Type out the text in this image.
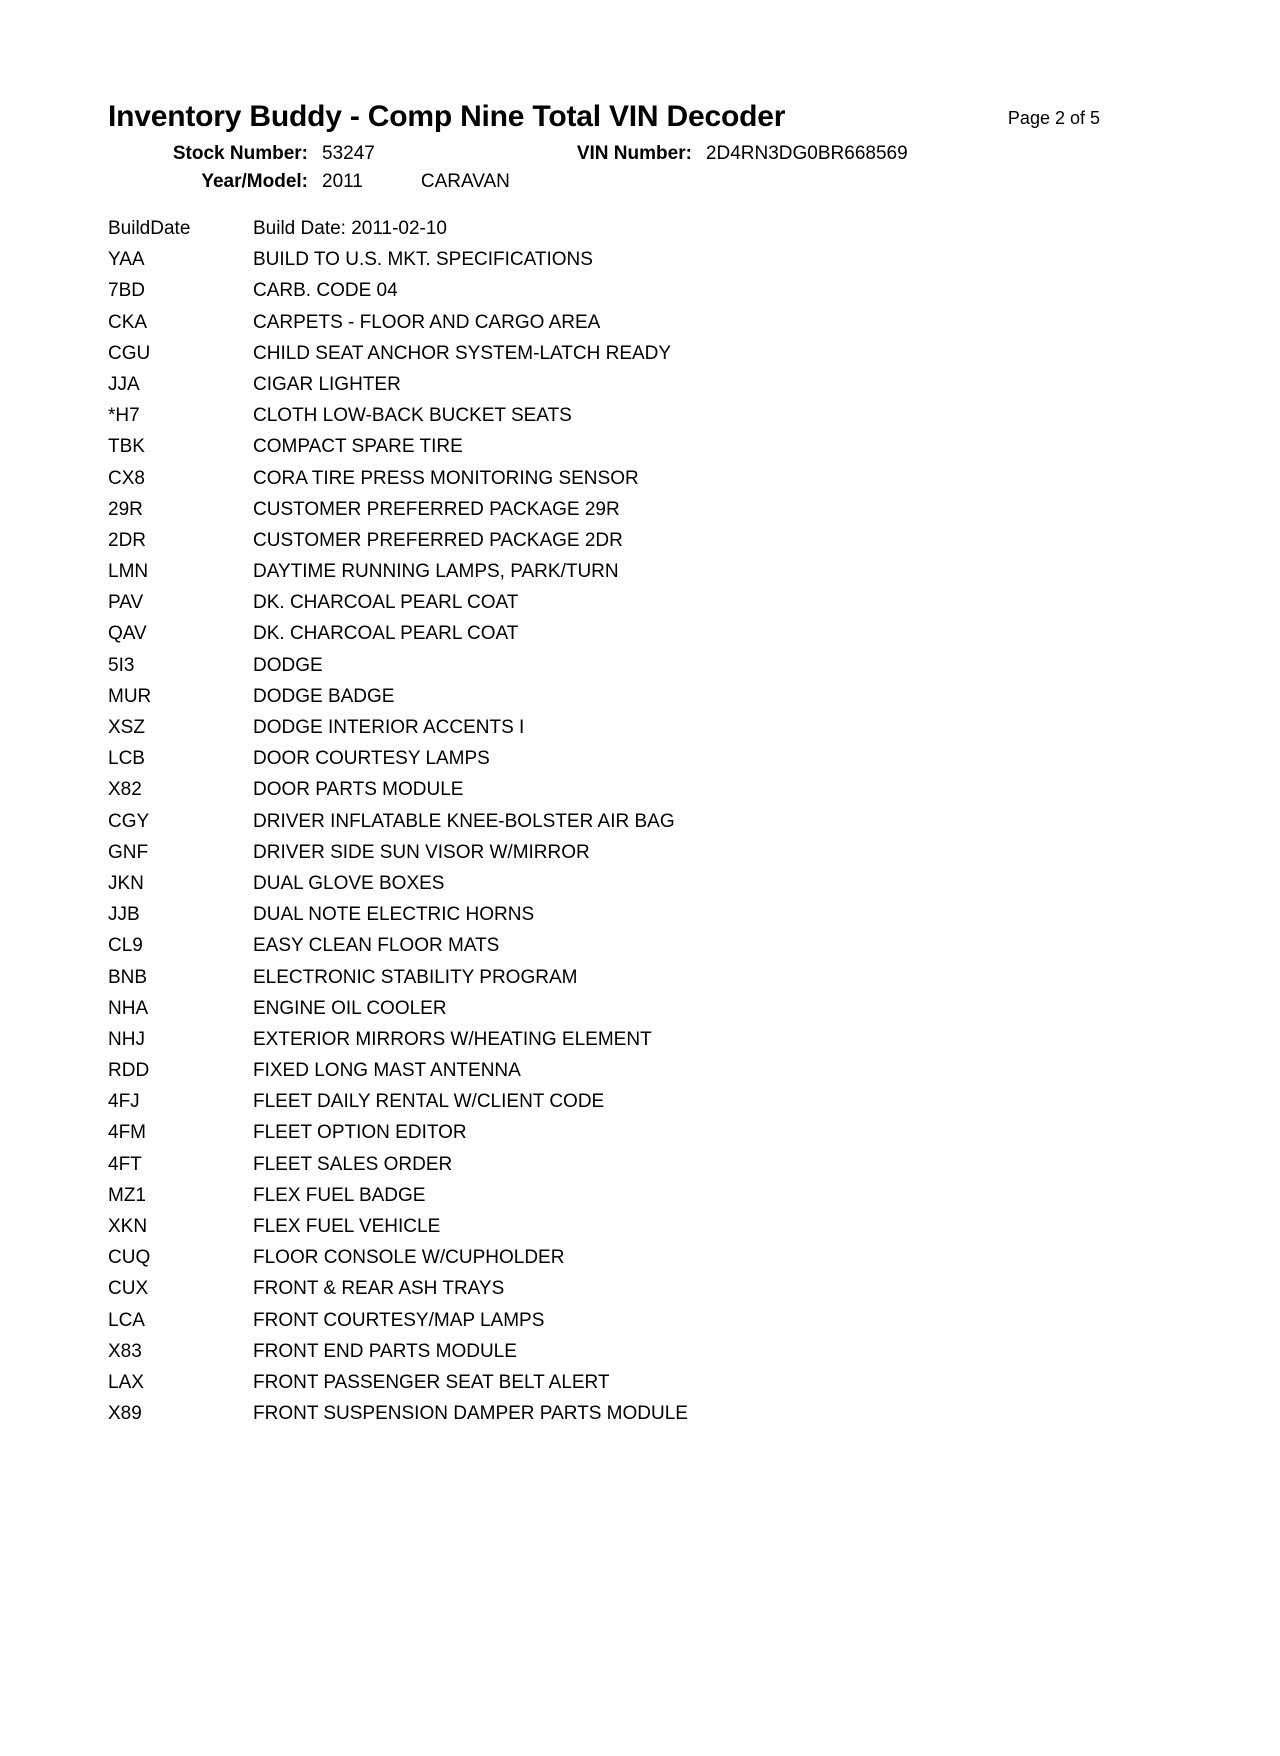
Inventory Buddy - Comp Nine Total VIN Decoder	Page 2 of 5
Stock Number: 53247	VIN Number: 2D4RN3DG0BR668569
Year/Model: 2011	CARAVAN
BuildDate	Build Date: 2011-02-10
YAA	BUILD TO U.S. MKT. SPECIFICATIONS
7BD	CARB. CODE 04
CKA	CARPETS - FLOOR AND CARGO AREA
CGU	CHILD SEAT ANCHOR SYSTEM-LATCH READY
JJA	CIGAR LIGHTER
*H7	CLOTH LOW-BACK BUCKET SEATS
TBK	COMPACT SPARE TIRE
CX8	CORA TIRE PRESS MONITORING SENSOR
29R	CUSTOMER PREFERRED PACKAGE 29R
2DR	CUSTOMER PREFERRED PACKAGE 2DR
LMN	DAYTIME RUNNING LAMPS, PARK/TURN
PAV	DK. CHARCOAL PEARL COAT
QAV	DK. CHARCOAL PEARL COAT
5I3	DODGE
MUR	DODGE BADGE
XSZ	DODGE INTERIOR ACCENTS I
LCB	DOOR COURTESY LAMPS
X82	DOOR PARTS MODULE
CGY	DRIVER INFLATABLE KNEE-BOLSTER AIR BAG
GNF	DRIVER SIDE SUN VISOR W/MIRROR
JKN	DUAL GLOVE BOXES
JJB	DUAL NOTE ELECTRIC HORNS
CL9	EASY CLEAN FLOOR MATS
BNB	ELECTRONIC STABILITY PROGRAM
NHA	ENGINE OIL COOLER
NHJ	EXTERIOR MIRRORS W/HEATING ELEMENT
RDD	FIXED LONG MAST ANTENNA
4FJ	FLEET DAILY RENTAL W/CLIENT CODE
4FM	FLEET OPTION EDITOR
4FT	FLEET SALES ORDER
MZ1	FLEX FUEL BADGE
XKN	FLEX FUEL VEHICLE
CUQ	FLOOR CONSOLE W/CUPHOLDER
CUX	FRONT & REAR ASH TRAYS
LCA	FRONT COURTESY/MAP LAMPS
X83	FRONT END PARTS MODULE
LAX	FRONT PASSENGER SEAT BELT ALERT
X89	FRONT SUSPENSION DAMPER PARTS MODULE
